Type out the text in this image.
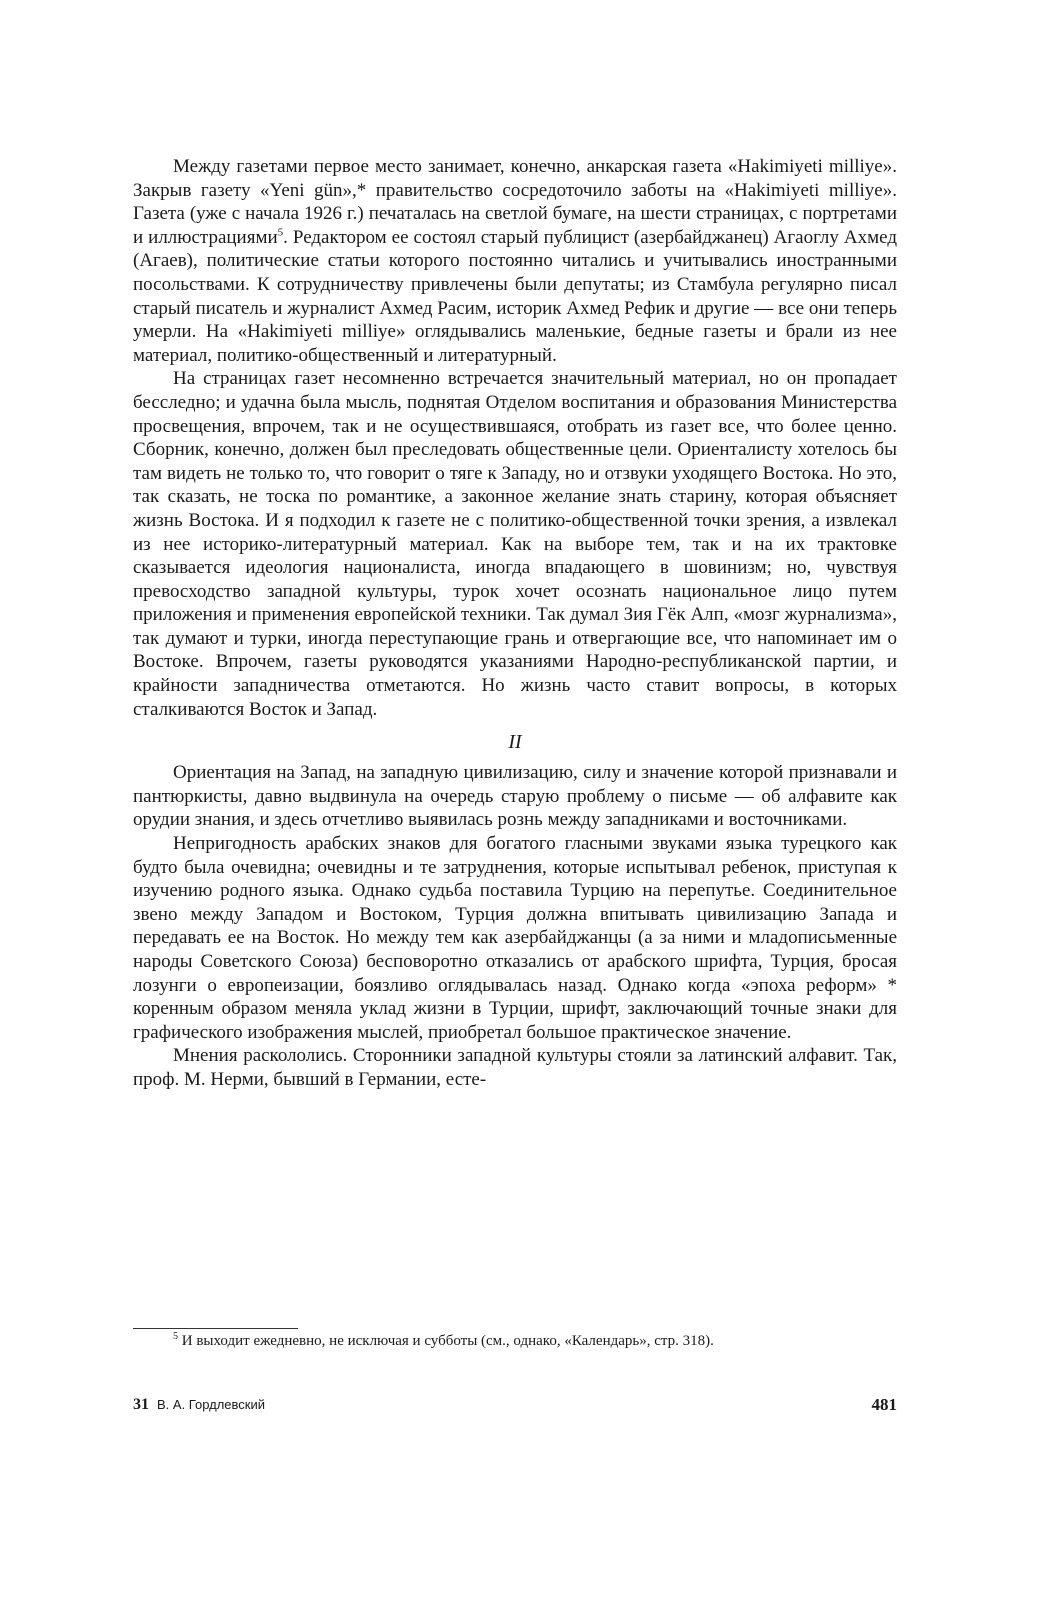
Между газетами первое место занимает, конечно, анкарская газета «Hakimiyeti milliye». Закрыв газету «Yeni gün»,* правительство сосредоточило заботы на «Hakimiyeti milliye». Газета (уже с начала 1926 г.) печаталась на светлой бумаге, на шести страницах, с портретами и иллюстрациями$^5$. Редактором ее состоял старый публицист (азербайджанец) Агаоглу Ахмед (Агаев), политические статьи которого постоянно читались и учитывались иностранными посольствами. К сотрудничеству привлечены были депутаты; из Стамбула регулярно писал старый писатель и журналист Ахмед Расим, историк Ахмед Рефик и другие — все они теперь умерли. На «Hakimiyeti milliye» оглядывались маленькие, бедные газеты и брали из нее материал, политико-общественный и литературный.

На страницах газет несомненно встречается значительный материал, но он пропадает бесследно; и удачна была мысль, поднятая Отделом воспитания и образования Министерства просвещения, впрочем, так и не осуществившаяся, отобрать из газет все, что более ценно. Сборник, конечно, должен был преследовать общественные цели. Ориенталисту хотелось бы там видеть не только то, что говорит о тяге к Западу, но и отзвуки уходящего Востока. Но это, так сказать, не тоска по романтике, а законное желание знать старину, которая объясняет жизнь Востока. И я подходил к газете не с политико-общественной точки зрения, а извлекал из нее историко-литературный материал. Как на выборе тем, так и на их трактовке сказывается идеология националиста, иногда впадающего в шовинизм; но, чувствуя превосходство западной культуры, турок хочет осознать национальное лицо путем приложения и применения европейской техники. Так думал Зия Гёк Алп, «мозг журнализма», так думают и турки, иногда переступающие грань и отвергающие все, что напоминает им о Востоке. Впрочем, газеты руководятся указаниями Народно-республиканской партии, и крайности западничества отметаются. Но жизнь часто ставит вопросы, в которых сталкиваются Восток и Запад.

II

Ориентация на Запад, на западную цивилизацию, силу и значение которой признавали и пантюркисты, давно выдвинула на очередь старую проблему о письме — об алфавите как орудии знания, и здесь отчетливо выявилась рознь между западниками и восточниками.

Непригодность арабских знаков для богатого гласными звуками языка турецкого как будто была очевидна; очевидны и те затруднения, которые испытывал ребенок, приступая к изучению родного языка. Однако судьба поставила Турцию на перепутье. Соединительное звено между Западом и Востоком, Турция должна впитывать цивилизацию Запада и передавать ее на Восток. Но между тем как азербайджанцы (а за ними и младописьменные народы Советского Союза) бесповоротно отказались от арабского шрифта, Турция, бросая лозунги о европеизации, боязливо оглядывалась назад. Однако когда «эпоха реформ» * коренным образом меняла уклад жизни в Турции, шрифт, заключающий точные знаки для графического изображения мыслей, приобретал большое практическое значение.

Мнения раскололись. Сторонники западной культуры стояли за латинский алфавит. Так, проф. М. Нерми, бывший в Германии, есте-

$^5$ И выходит ежедневно, не исключая и субботы (см., однако, «Календарь», стр. 318).

31 В. А. Гордлевский	481
